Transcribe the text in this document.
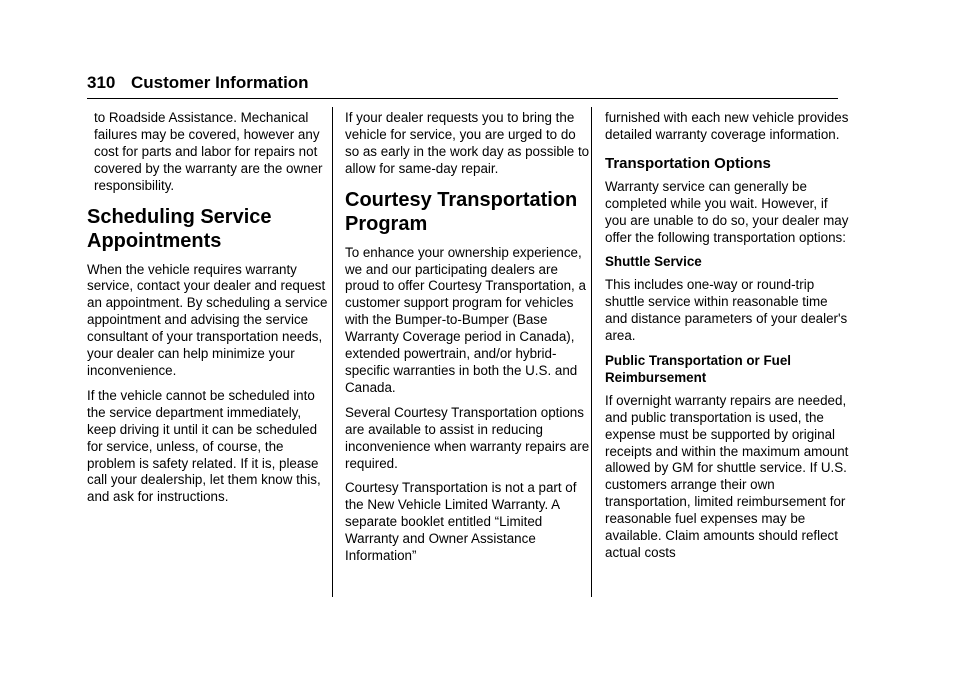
310 Customer Information

to Roadside Assistance. Mechanical failures may be covered, however any cost for parts and labor for repairs not covered by the warranty are the owner responsibility.

Scheduling Service Appointments

When the vehicle requires warranty service, contact your dealer and request an appointment. By scheduling a service appointment and advising the service consultant of your transportation needs, your dealer can help minimize your inconvenience.

If the vehicle cannot be scheduled into the service department immediately, keep driving it until it can be scheduled for service, unless, of course, the problem is safety related. If it is, please call your dealership, let them know this, and ask for instructions.

If your dealer requests you to bring the vehicle for service, you are urged to do so as early in the work day as possible to allow for same-day repair.

Courtesy Transportation Program

To enhance your ownership experience, we and our participating dealers are proud to offer Courtesy Transportation, a customer support program for vehicles with the Bumper-to-Bumper (Base Warranty Coverage period in Canada), extended powertrain, and/or hybrid-specific warranties in both the U.S. and Canada.

Several Courtesy Transportation options are available to assist in reducing inconvenience when warranty repairs are required.

Courtesy Transportation is not a part of the New Vehicle Limited Warranty. A separate booklet entitled “Limited Warranty and Owner Assistance Information”

furnished with each new vehicle provides detailed warranty coverage information.

Transportation Options

Warranty service can generally be completed while you wait. However, if you are unable to do so, your dealer may offer the following transportation options:

Shuttle Service

This includes one-way or round-trip shuttle service within reasonable time and distance parameters of your dealer's area.

Public Transportation or Fuel Reimbursement

If overnight warranty repairs are needed, and public transportation is used, the expense must be supported by original receipts and within the maximum amount allowed by GM for shuttle service. If U.S. customers arrange their own transportation, limited reimbursement for reasonable fuel expenses may be available. Claim amounts should reflect actual costs
